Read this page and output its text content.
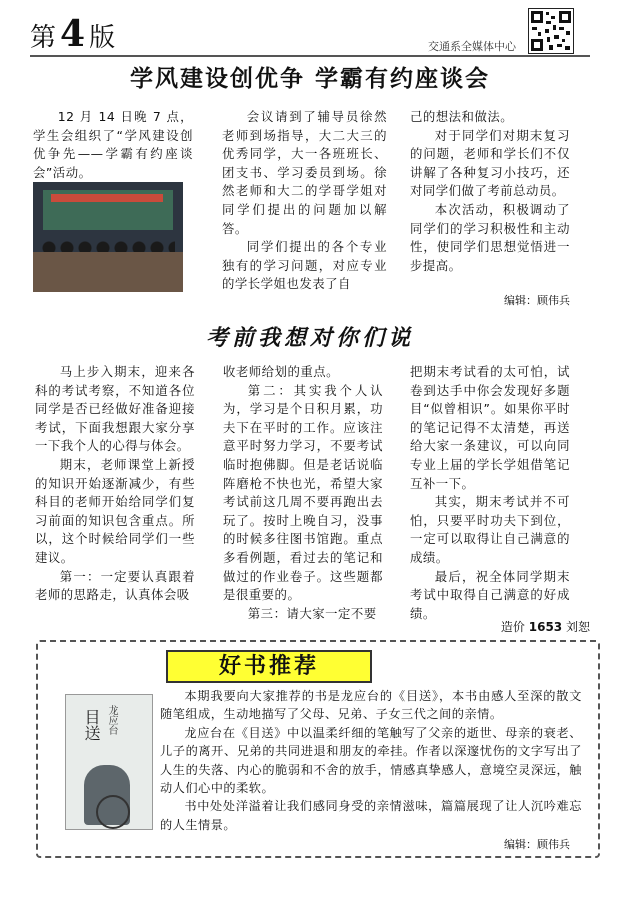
第 4 版	交通系全媒体中心
学风建设创优争 学霸有约座谈会

12 月 14 日晚 7 点，学生会组织了“学风建设创优争先——学霸有约座谈会”活动。

会议请到了辅导员徐然老师到场指导，大二大三的优秀同学，大一各班班长、团支书、学习委员到场。徐然老师和大二的学哥学姐对同学们提出的问题加以解答。

同学们提出的各个专业独有的学习问题，对应专业的学长学姐也发表了自

己的想法和做法。

对于同学们对期末复习的问题，老师和学长们不仅讲解了各种复习小技巧，还对同学们做了考前总动员。

本次活动，积极调动了同学们的学习积极性和主动性，使同学们思想觉悟进一步提高。

编辑：顾伟兵
考前我想对你们说

马上步入期末，迎来各科的考试考察，不知道各位同学是否已经做好准备迎接考试，下面我想跟大家分享一下我个人的心得与体会。

期末，老师课堂上新授的知识开始逐渐减少，有些科目的老师开始给同学们复习前面的知识包含重点。所以，这个时候给同学们一些建议。

第一：一定要认真跟着老师的思路走，认真体会吸

收老师给划的重点。

第二：其实我个人认为，学习是个日积月累，功夫下在平时的工作。应该注意平时努力学习，不要考试临时抱佛脚。但是老话说临阵磨枪不快也光，希望大家考试前这几周不要再跑出去玩了。按时上晚自习，没事的时候多往图书馆跑。重点多看例题，看过去的笔记和做过的作业卷子。这些题都是很重要的。

第三：请大家一定不要

把期末考试看的太可怕，试卷到达手中你会发现好多题目“似曾相识”。如果你平时的笔记记得不太清楚，再送给大家一条建议，可以向同专业上届的学长学姐借笔记互补一下。

其实，期末考试并不可怕，只要平时功夫下到位，一定可以取得让自己满意的成绩。

最后，祝全体同学期末考试中取得自己满意的好成绩。

造价 1653 刘恕
好书推荐
龙应台
目送

本期我要向大家推荐的书是龙应台的《目送》，本书由感人至深的散文随笔组成，生动地描写了父母、兄弟、子女三代之间的亲情。

龙应台在《目送》中以温柔纤细的笔触写了父亲的逝世、母亲的衰老、儿子的离开、兄弟的共同进退和朋友的牵挂。作者以深邃忧伤的文字写出了人生的失落、内心的脆弱和不舍的放手，情感真挚感人，意境空灵深远，触动人们心中的柔软。

书中处处洋溢着让我们感同身受的亲情滋味，篇篇展现了让人沉吟难忘的人生情景。

编辑：顾伟兵
